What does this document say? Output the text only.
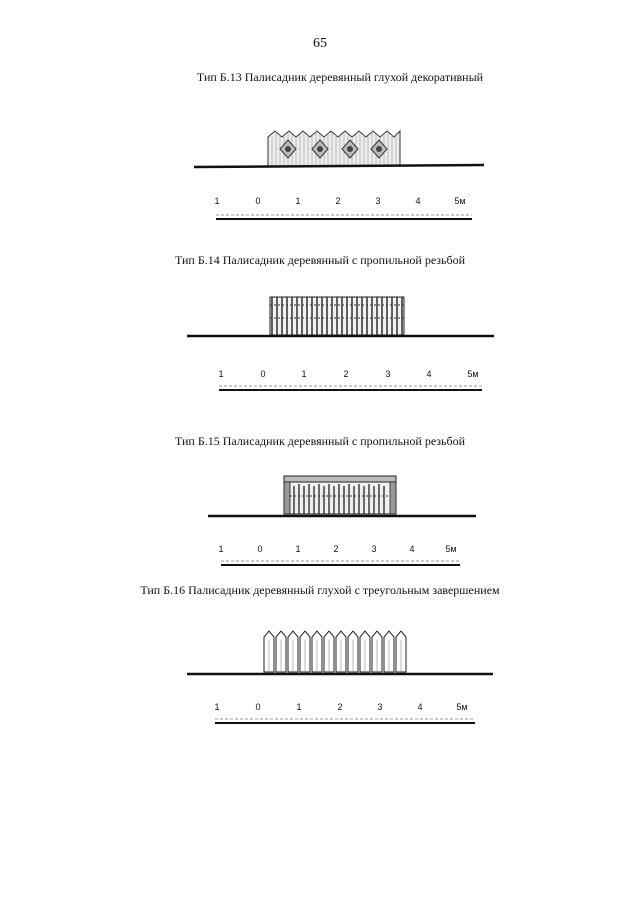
65
Тип Б.13 Палисадник деревянный глухой декоративный
Тип Б.14 Палисадник деревянный с пропильной резьбой
Тип Б.15 Палисадник деревянный с пропильной резьбой
Тип Б.16 Палисадник деревянный глухой с треугольным завершением
1	0	1	2	3	4	5м
1	0	1	2	3	4	5м
1	0	1	2	3	4	5м
1	0	1	2	3	4	5м
